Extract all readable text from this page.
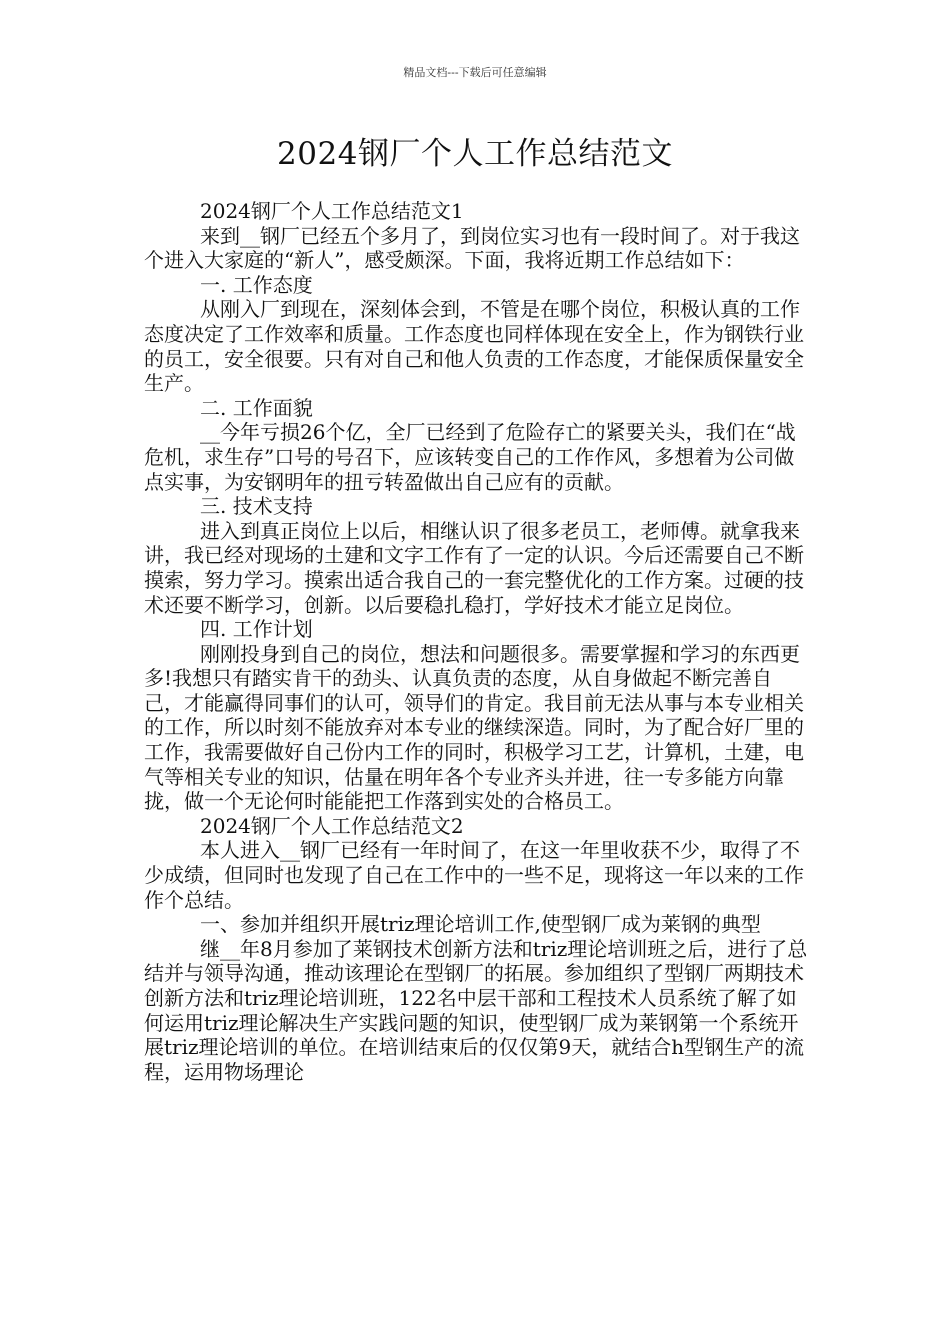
精品文档---下载后可任意编辑
2024钢厂个人工作总结范文

2024钢厂个人工作总结范文1

来到__钢厂已经五个多月了，到岗位实习也有一段时间了。对于我这个进入大家庭的“新人”，感受颇深。下面，我将近期工作总结如下：

一. 工作态度

从刚入厂到现在，深刻体会到，不管是在哪个岗位，积极认真的工作态度决定了工作效率和质量。工作态度也同样体现在安全上，作为钢铁行业的员工，安全很要。只有对自己和他人负责的工作态度，才能保质保量安全生产。

二. 工作面貌

__今年亏损26个亿，全厂已经到了危险存亡的紧要关头，我们在“战危机，求生存”口号的号召下，应该转变自己的工作作风，多想着为公司做点实事，为安钢明年的扭亏转盈做出自己应有的贡献。

三. 技术支持

进入到真正岗位上以后，相继认识了很多老员工，老师傅。就拿我来讲，我已经对现场的土建和文字工作有了一定的认识。今后还需要自己不断摸索，努力学习。摸索出适合我自己的一套完整优化的工作方案。过硬的技术还要不断学习，创新。以后要稳扎稳打，学好技术才能立足岗位。

四. 工作计划

刚刚投身到自己的岗位，想法和问题很多。需要掌握和学习的东西更多!我想只有踏实肯干的劲头、认真负责的态度，从自身做起不断完善自己，才能赢得同事们的认可，领导们的肯定。我目前无法从事与本专业相关的工作，所以时刻不能放弃对本专业的继续深造。同时，为了配合好厂里的工作，我需要做好自己份内工作的同时，积极学习工艺，计算机，土建，电气等相关专业的知识，估量在明年各个专业齐头并进，往一专多能方向靠拢，做一个无论何时能能把工作落到实处的合格员工。

2024钢厂个人工作总结范文2

本人进入__钢厂已经有一年时间了，在这一年里收获不少，取得了不少成绩，但同时也发现了自己在工作中的一些不足，现将这一年以来的工作作个总结。

一、参加并组织开展triz理论培训工作,使型钢厂成为莱钢的典型

继__年8月参加了莱钢技术创新方法和triz理论培训班之后，进行了总结并与领导沟通，推动该理论在型钢厂的拓展。参加组织了型钢厂两期技术创新方法和triz理论培训班，122名中层干部和工程技术人员系统了解了如何运用triz理论解决生产实践问题的知识，使型钢厂成为莱钢第一个系统开展triz理论培训的单位。在培训结束后的仅仅第9天，就结合h型钢生产的流程，运用物场理论
